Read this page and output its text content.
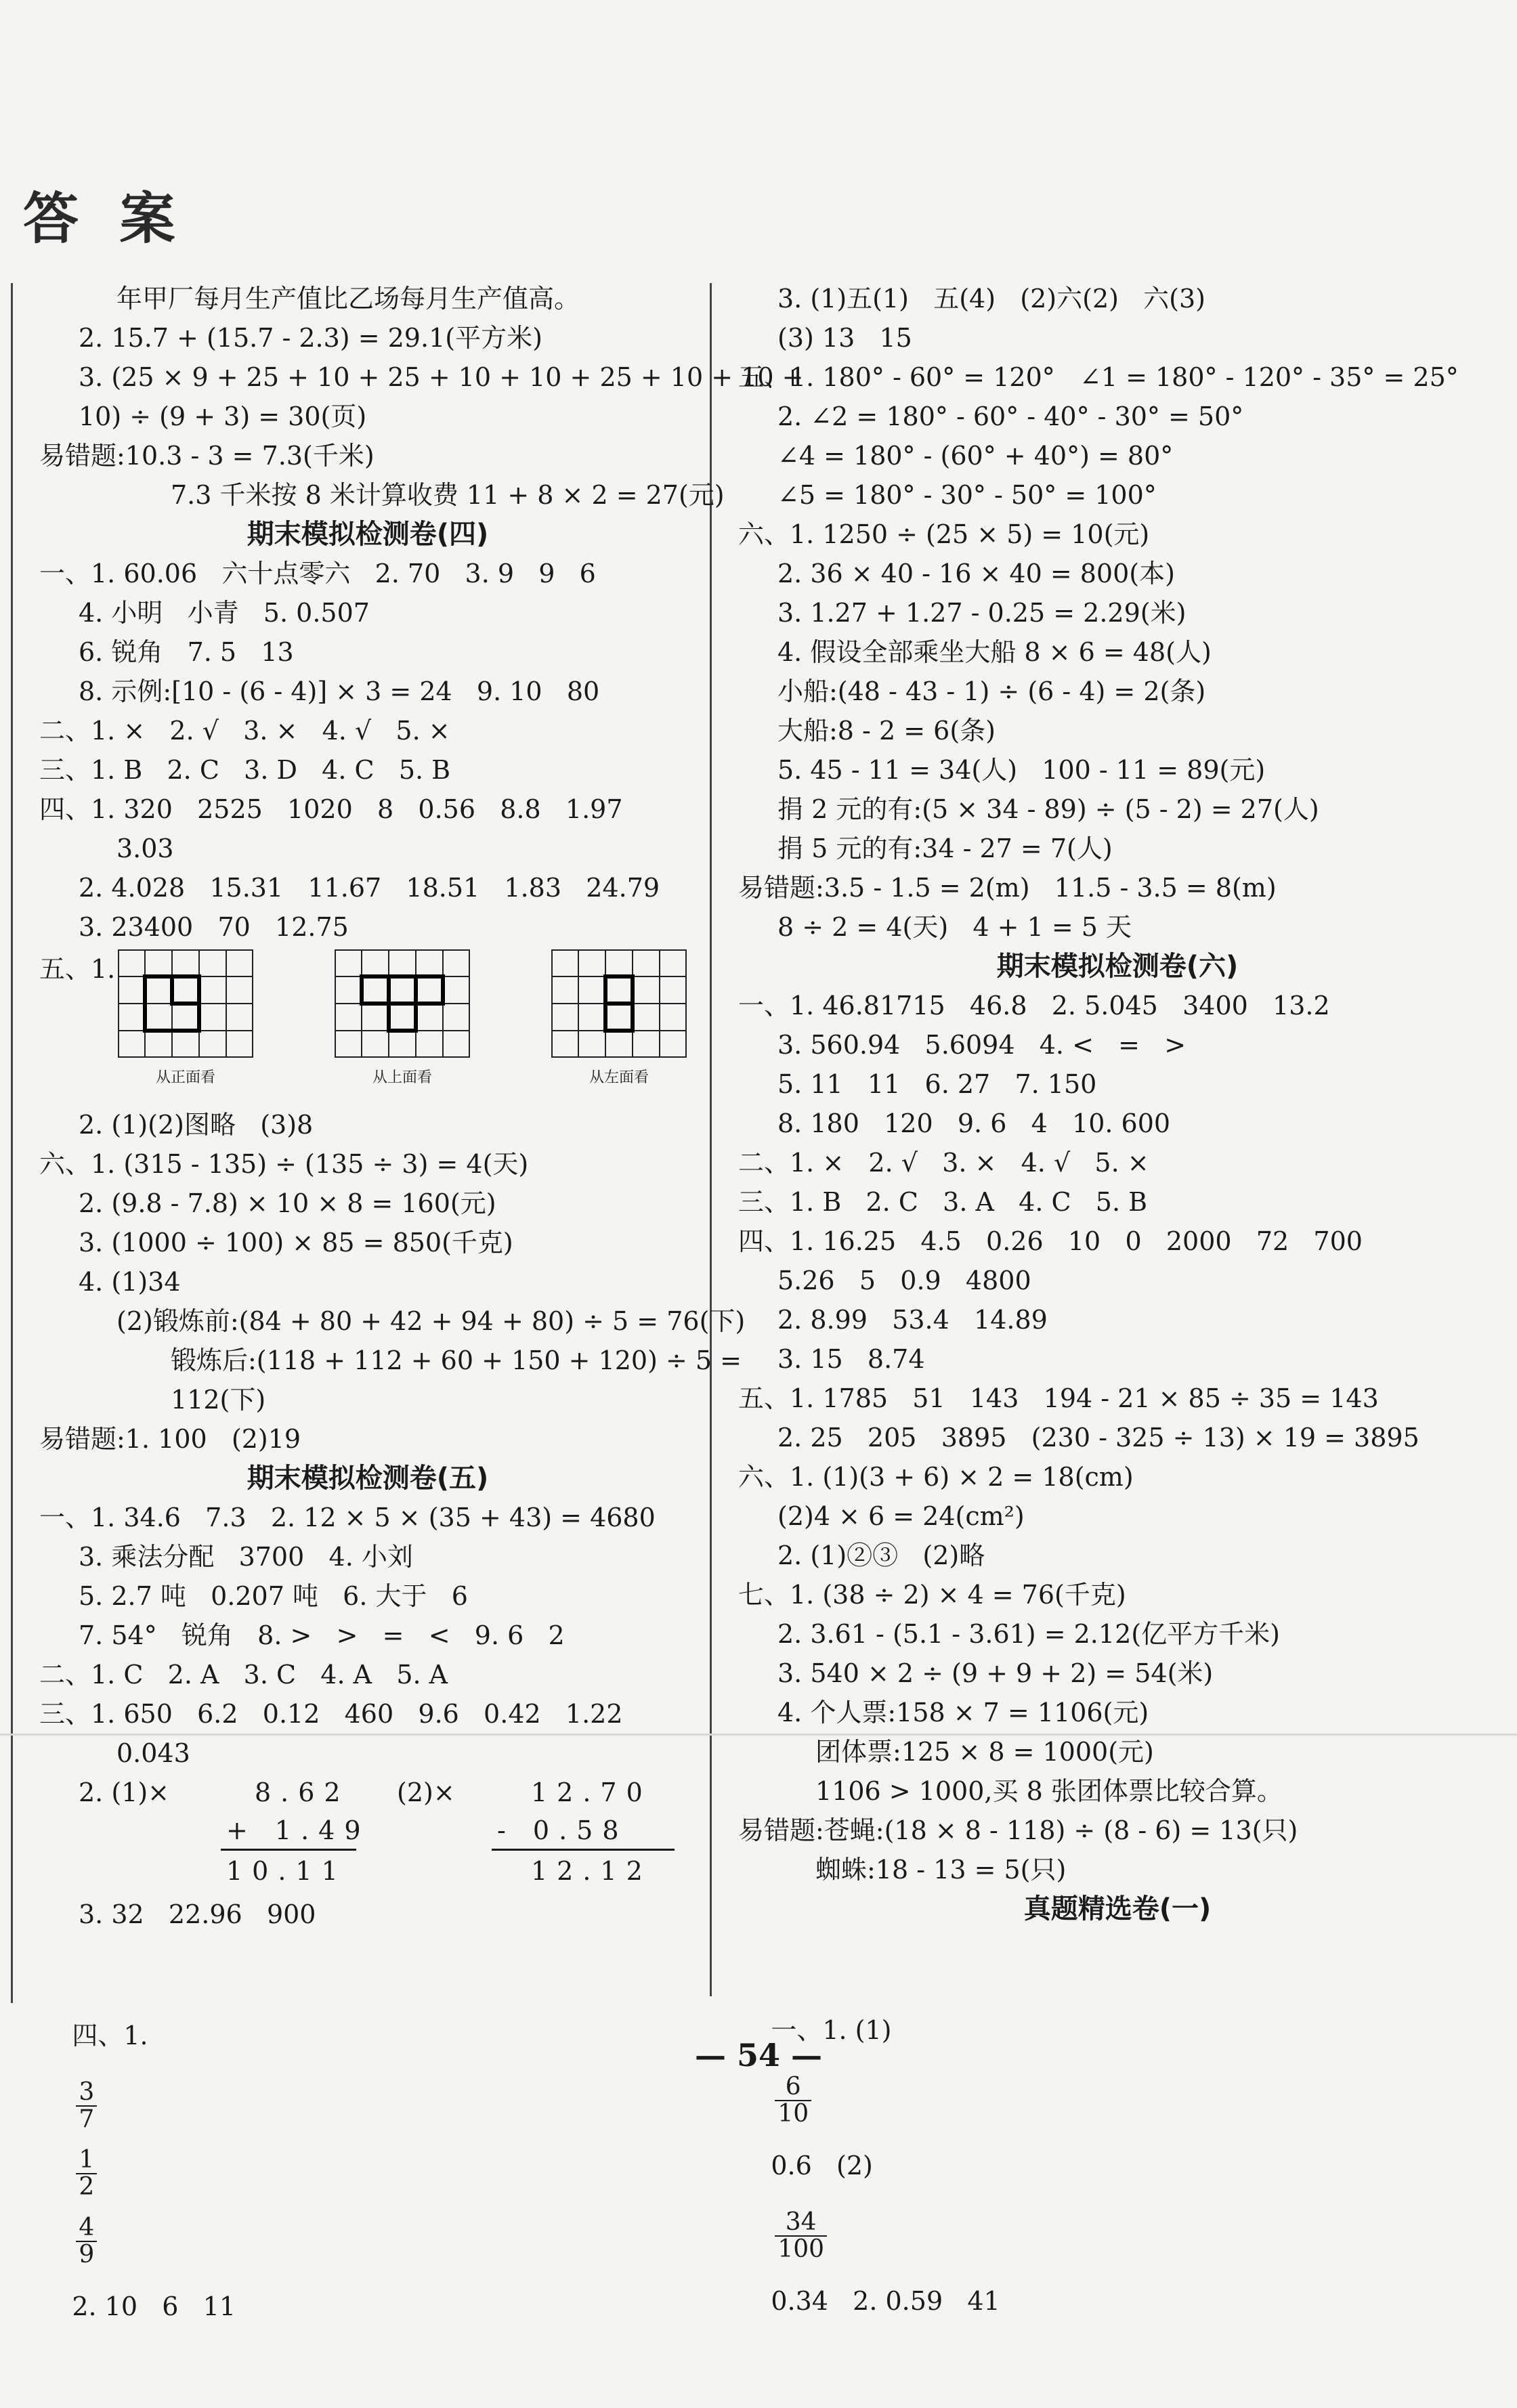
答 案
年甲厂每月生产值比乙场每月生产值高。
2. 15.7 + (15.7 - 2.3) = 29.1(平方米)
3. (25 × 9 + 25 + 10 + 25 + 10 + 10 + 25 + 10 + 10 +
10) ÷ (9 + 3) = 30(页)
易错题:10.3 - 3 = 7.3(千米)
7.3 千米按 8 米计算收费 11 + 8 × 2 = 27(元)
期末模拟检测卷(四)
一、1. 60.06   六十点零六   2. 70   3. 9   9   6
4. 小明   小青   5. 0.507
6. 锐角   7. 5   13
8. 示例:[10 - (6 - 4)] × 3 = 24   9. 10   80
二、1. ×   2. √   3. ×   4. √   5. ×
三、1. B   2. C   3. D   4. C   5. B
四、1. 320   2525   1020   8   0.56   8.8   1.97
3.03
2. 4.028   15.31   11.67   18.51   1.83   24.79
3. 23400   70   12.75
五、1.
从正面看	从上面看	从左面看
2. (1)(2)图略   (3)8
六、1. (315 - 135) ÷ (135 ÷ 3) = 4(天)
2. (9.8 - 7.8) × 10 × 8 = 160(元)
3. (1000 ÷ 100) × 85 = 850(千克)
4. (1)34
(2)锻炼前:(84 + 80 + 42 + 94 + 80) ÷ 5 = 76(下)
锻炼后:(118 + 112 + 60 + 150 + 120) ÷ 5 =
112(下)
易错题:1. 100   (2)19
期末模拟检测卷(五)
一、1. 34.6   7.3   2. 12 × 5 × (35 + 43) = 4680
3. 乘法分配   3700   4. 小刘
5. 2.7 吨   0.207 吨   6. 大于   6
7. 54°   锐角   8. >   >   =   <   9. 6   2
二、1. C   2. A   3. C   4. A   5. A
三、1. 650   6.2   0.12   460   9.6   0.42   1.22
0.043
2. (1)×	8.62
+ 1.49
10.11
(2)×	12.70
- 0.58
12.12
3. 32   22.96   900

四、1.

$\frac{3}{7}$

$\frac{1}{2}$

$\frac{4}{9}$

2. 10   6   11

3. (1)五(1)   五(4)   (2)六(2)   六(3)
(3) 13   15
五、1. 180° - 60° = 120°   ∠1 = 180° - 120° - 35° = 25°
2. ∠2 = 180° - 60° - 40° - 30° = 50°
∠4 = 180° - (60° + 40°) = 80°
∠5 = 180° - 30° - 50° = 100°
六、1. 1250 ÷ (25 × 5) = 10(元)
2. 36 × 40 - 16 × 40 = 800(本)
3. 1.27 + 1.27 - 0.25 = 2.29(米)
4. 假设全部乘坐大船 8 × 6 = 48(人)
小船:(48 - 43 - 1) ÷ (6 - 4) = 2(条)
大船:8 - 2 = 6(条)
5. 45 - 11 = 34(人)   100 - 11 = 89(元)
捐 2 元的有:(5 × 34 - 89) ÷ (5 - 2) = 27(人)
捐 5 元的有:34 - 27 = 7(人)
易错题:3.5 - 1.5 = 2(m)   11.5 - 3.5 = 8(m)
8 ÷ 2 = 4(天)   4 + 1 = 5 天
期末模拟检测卷(六)
一、1. 46.81715   46.8   2. 5.045   3400   13.2
3. 560.94   5.6094   4. <   =   >
5. 11   11   6. 27   7. 150
8. 180   120   9. 6   4   10. 600
二、1. ×   2. √   3. ×   4. √   5. ×
三、1. B   2. C   3. A   4. C   5. B
四、1. 16.25   4.5   0.26   10   0   2000   72   700
5.26   5   0.9   4800
2. 8.99   53.4   14.89
3. 15   8.74
五、1. 1785   51   143   194 - 21 × 85 ÷ 35 = 143
2. 25   205   3895   (230 - 325 ÷ 13) × 19 = 3895
六、1. (1)(3 + 6) × 2 = 18(cm)
(2)4 × 6 = 24(cm²)
2. (1)②③   (2)略
七、1. (38 ÷ 2) × 4 = 76(千克)
2. 3.61 - (5.1 - 3.61) = 2.12(亿平方千米)
3. 540 × 2 ÷ (9 + 9 + 2) = 54(米)
4. 个人票:158 × 7 = 1106(元)
团体票:125 × 8 = 1000(元)
1106 > 1000,买 8 张团体票比较合算。
易错题:苍蝇:(18 × 8 - 118) ÷ (8 - 6) = 13(只)
蜘蛛:18 - 13 = 5(只)
真题精选卷(一)

一、1. (1)

$\frac{6}{10}$

0.6   (2)

$\frac{34}{100}$

0.34   2. 0.59   41

— 54 —
